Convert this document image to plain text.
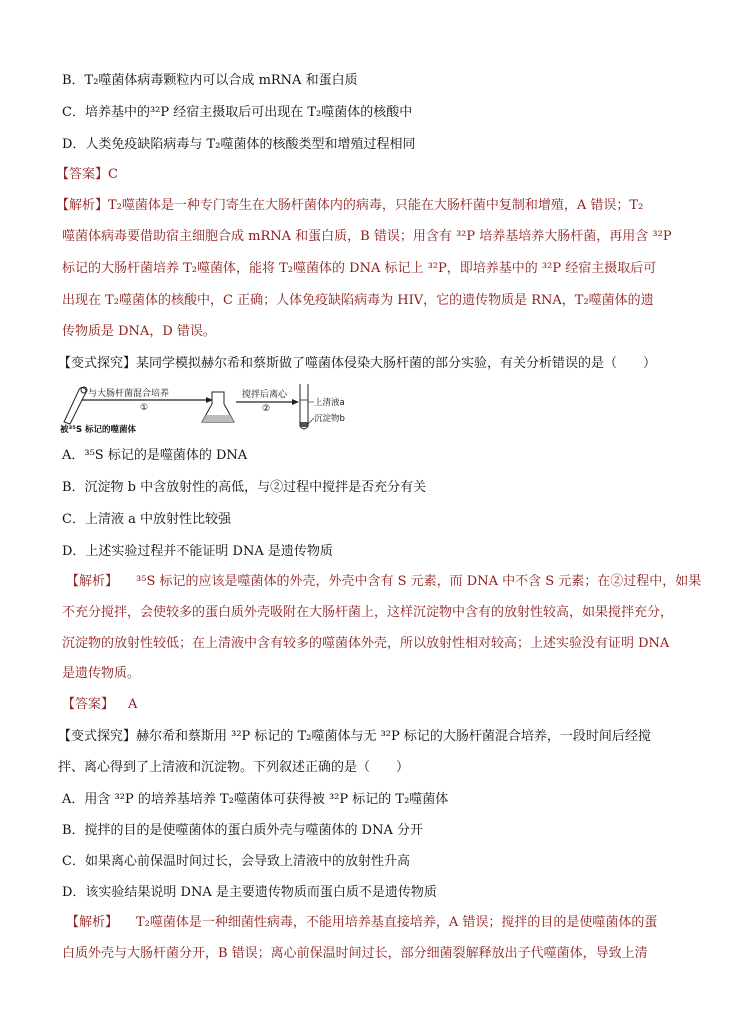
B．T₂噬菌体病毒颗粒内可以合成 mRNA 和蛋白质
C．培养基中的³²P 经宿主摄取后可出现在 T₂噬菌体的核酸中
D．人类免疫缺陷病毒与 T₂噬菌体的核酸类型和增殖过程相同
【答案】C
【解析】T₂噬菌体是一种专门寄生在大肠杆菌体内的病毒，只能在大肠杆菌中复制和增殖，A 错误；T₂
噬菌体病毒要借助宿主细胞合成 mRNA 和蛋白质，B 错误；用含有 ³²P 培养基培养大肠杆菌，再用含 ³²P
标记的大肠杆菌培养 T₂噬菌体，能将 T₂噬菌体的 DNA 标记上 ³²P，即培养基中的 ³²P 经宿主摄取后可
出现在 T₂噬菌体的核酸中，C 正确；人体免疫缺陷病毒为 HIV，它的遗传物质是 RNA，T₂噬菌体的遗
传物质是 DNA，D 错误。
【变式探究】某同学模拟赫尔希和蔡斯做了噬菌体侵染大肠杆菌的部分实验，有关分析错误的是（　　）
与大肠杆菌混合培养
①
搅拌后离心
②
上清液a
沉淀物b
被³⁵S 标记的噬菌体
A．³⁵S 标记的是噬菌体的 DNA
B．沉淀物 b 中含放射性的高低，与②过程中搅拌是否充分有关
C．上清液 a 中放射性比较强
D．上述实验过程并不能证明 DNA 是遗传物质
【解析】 ³⁵S 标记的应该是噬菌体的外壳，外壳中含有 S 元素，而 DNA 中不含 S 元素；在②过程中，如果
不充分搅拌，会使较多的蛋白质外壳吸附在大肠杆菌上，这样沉淀物中含有的放射性较高，如果搅拌充分，
沉淀物的放射性较低；在上清液中含有较多的噬菌体外壳，所以放射性相对较高；上述实验没有证明 DNA
是遗传物质。
【答案】 A
【变式探究】赫尔希和蔡斯用 ³²P 标记的 T₂噬菌体与无 ³²P 标记的大肠杆菌混合培养，一段时间后经搅
拌、离心得到了上清液和沉淀物。下列叙述正确的是（　　）
A．用含 ³²P 的培养基培养 T₂噬菌体可获得被 ³²P 标记的 T₂噬菌体
B．搅拌的目的是使噬菌体的蛋白质外壳与噬菌体的 DNA 分开
C．如果离心前保温时间过长，会导致上清液中的放射性升高
D．该实验结果说明 DNA 是主要遗传物质而蛋白质不是遗传物质
【解析】 T₂噬菌体是一种细菌性病毒，不能用培养基直接培养，A 错误；搅拌的目的是使噬菌体的蛋
白质外壳与大肠杆菌分开，B 错误；离心前保温时间过长，部分细菌裂解释放出子代噬菌体，导致上清
